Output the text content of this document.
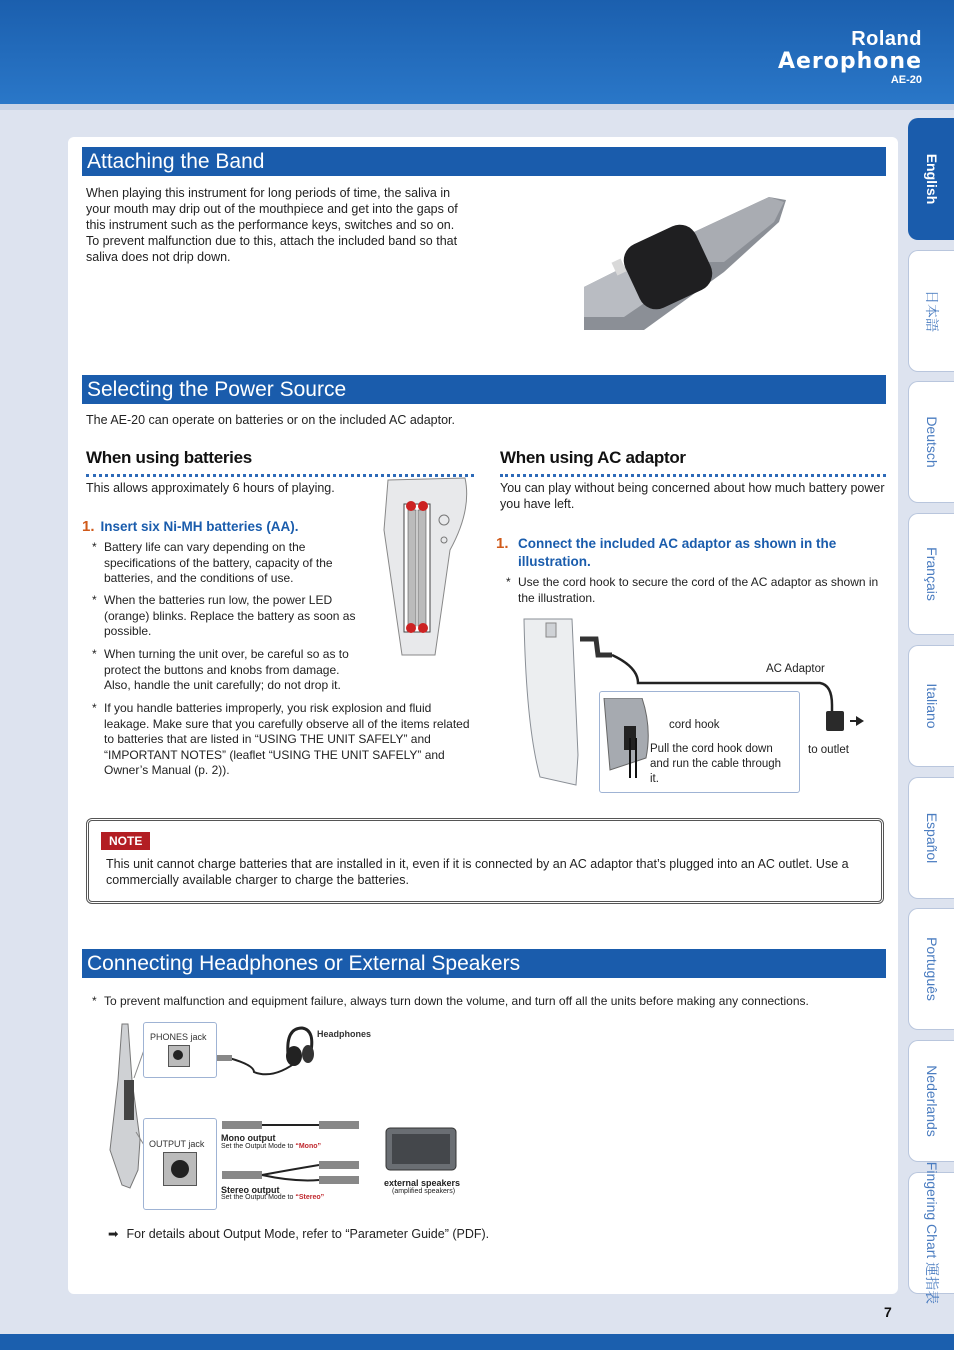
Roland
Aerophone
AE-20
English
日本語
Deutsch
Français
Italiano
Español
Português
Nederlands
Fingering Chart 運指表
Attaching the Band
When playing this instrument for long periods of time, the saliva in your mouth may drip out of the mouthpiece and get into the gaps of this instrument such as the performance keys, switches and so on. To prevent malfunction due to this, attach the included band so that saliva does not drip down.
Selecting the Power Source
The AE-20 can operate on batteries or on the included AC adaptor.
When using batteries
This allows approximately 6 hours of playing.
1. Insert six Ni-MH batteries (AA).
* Battery life can vary depending on the specifications of the battery, capacity of the batteries, and the conditions of use.
* When the batteries run low, the power LED (orange) blinks. Replace the battery as soon as possible.
* When turning the unit over, be careful so as to protect the buttons and knobs from damage. Also, handle the unit carefully; do not drop it.
* If you handle batteries improperly, you risk explosion and fluid leakage. Make sure that you carefully observe all of the items related to batteries that are listed in “USING THE UNIT SAFELY” and “IMPORTANT NOTES” (leaflet “USING THE UNIT SAFELY” and Owner’s Manual (p. 2)).
When using AC adaptor
You can play without being concerned about how much battery power you have left.
1. Connect the included AC adaptor as shown in the illustration.
* Use the cord hook to secure the cord of the AC adaptor as shown in the illustration.
AC Adaptor
cord hook
Pull the cord hook down and run the cable through it.
to outlet
NOTE
This unit cannot charge batteries that are installed in it, even if it is connected by an AC adaptor that’s plugged into an AC outlet. Use a commercially available charger to charge the batteries.
Connecting Headphones or External Speakers
* To prevent malfunction and equipment failure, always turn down the volume, and turn off all the units before making any connections.
PHONES jack	Headphones
OUTPUT jack
Mono output
Set the Output Mode to “Mono”
Stereo output
Set the Output Mode to “Stereo”
external speakers
(amplified speakers)
➡ For details about Output Mode, refer to “Parameter Guide” (PDF).
7
